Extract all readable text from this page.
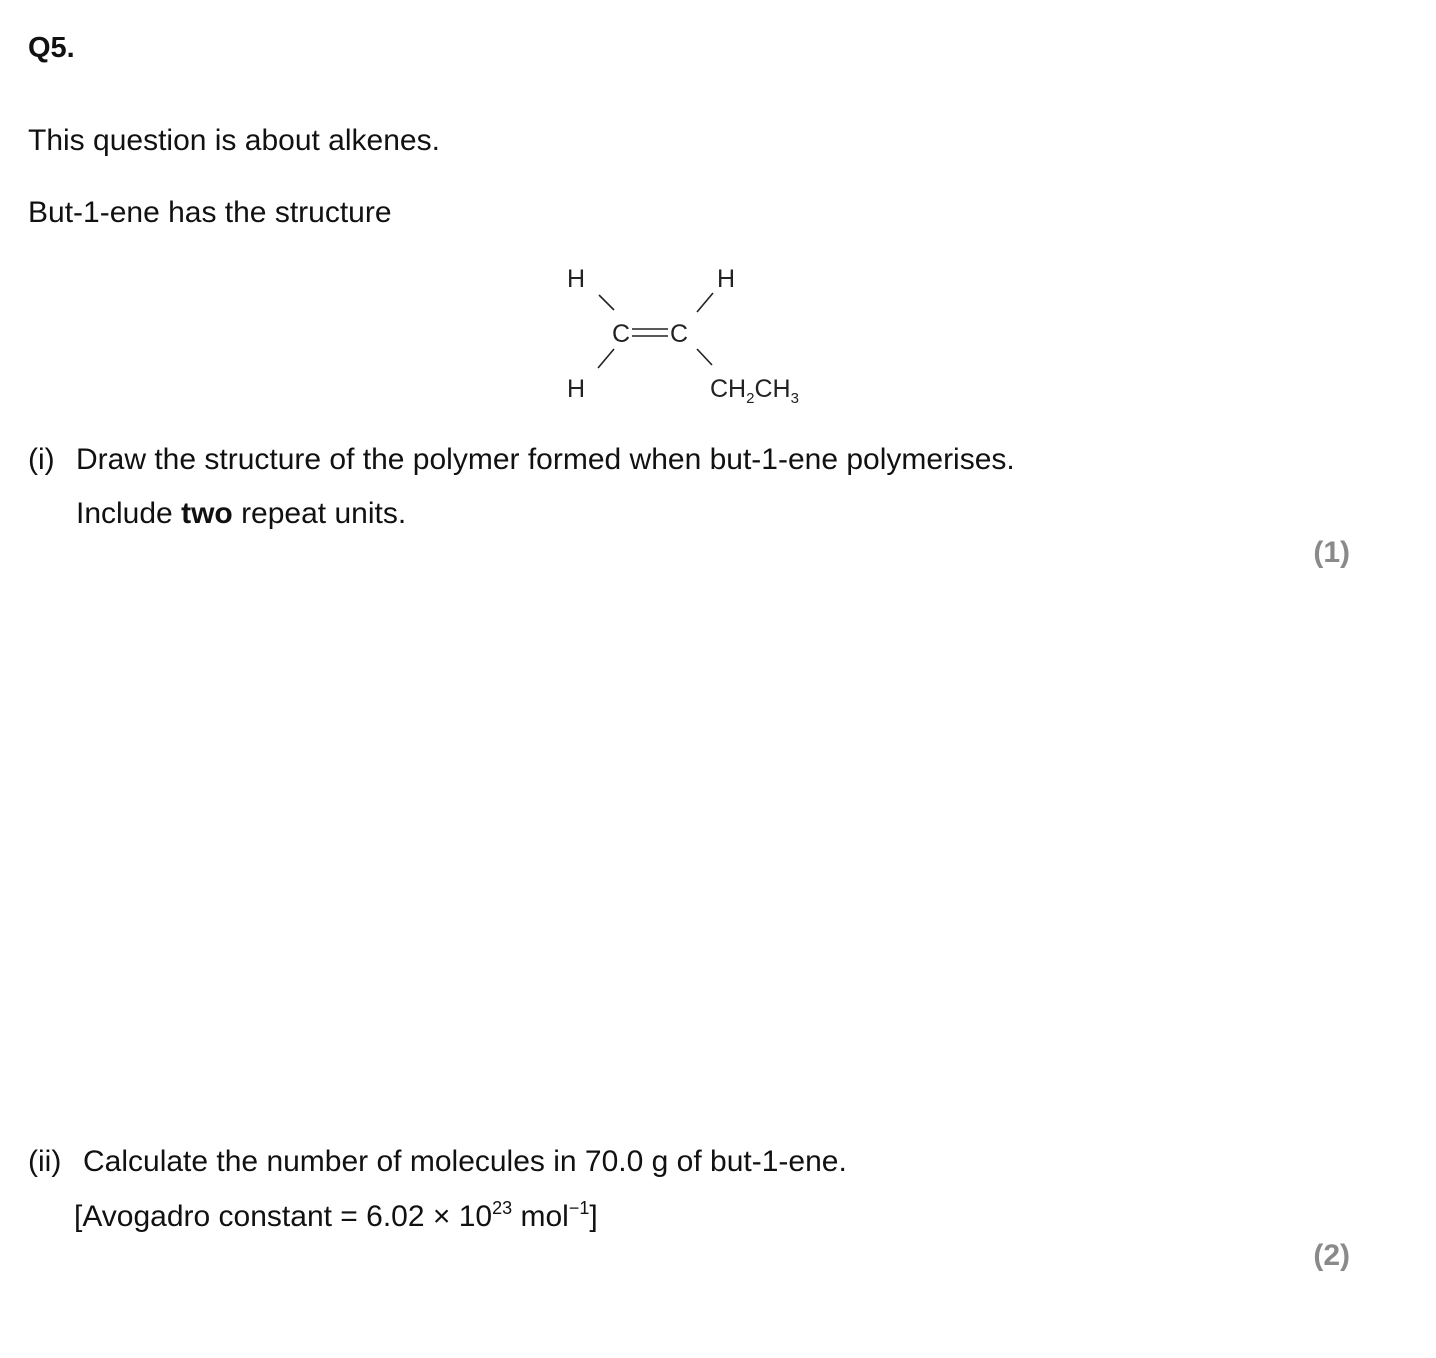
Q5.
This question is about alkenes.
But-1-ene has the structure
H	H
H
C C
$CH_2CH_3$
(i) Draw the structure of the polymer formed when but-1-ene polymerises.
Include two repeat units.
(1)
(ii) Calculate the number of molecules in 70.0 g of but-1-ene.
[Avogadro constant = $6.02 \times 10^{23}$ mol$^{-1}$]
(2)
